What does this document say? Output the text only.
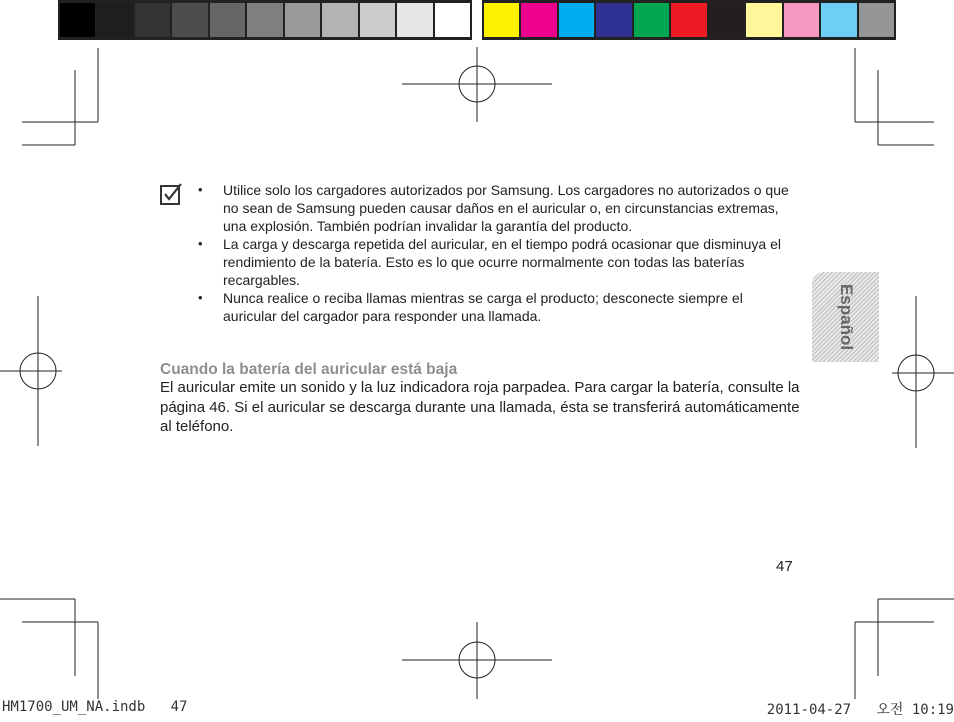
• Utilice solo los cargadores autorizados por Samsung. Los cargadores no autorizados o que no sean de Samsung pueden causar daños en el auricular o, en circunstancias extremas, una explosión. También podrían invalidar la garantía del producto.
• La carga y descarga repetida del auricular, en el tiempo podrá ocasionar que disminuya el rendimiento de la batería. Esto es lo que ocurre normalmente con todas las baterías recargables.
• Nunca realice o reciba llamas mientras se carga el producto; desconecte siempre el auricular del cargador para responder una llamada.
Cuando la batería del auricular está baja

El auricular emite un sonido y la luz indicadora roja parpadea. Para cargar la batería, consulte la página 46. Si el auricular se descarga durante una llamada, ésta se transferirá automáticamente al teléfono.

Español
47
HM1700_UM_NA.indb   47	2011-04-27   오전 10:19
